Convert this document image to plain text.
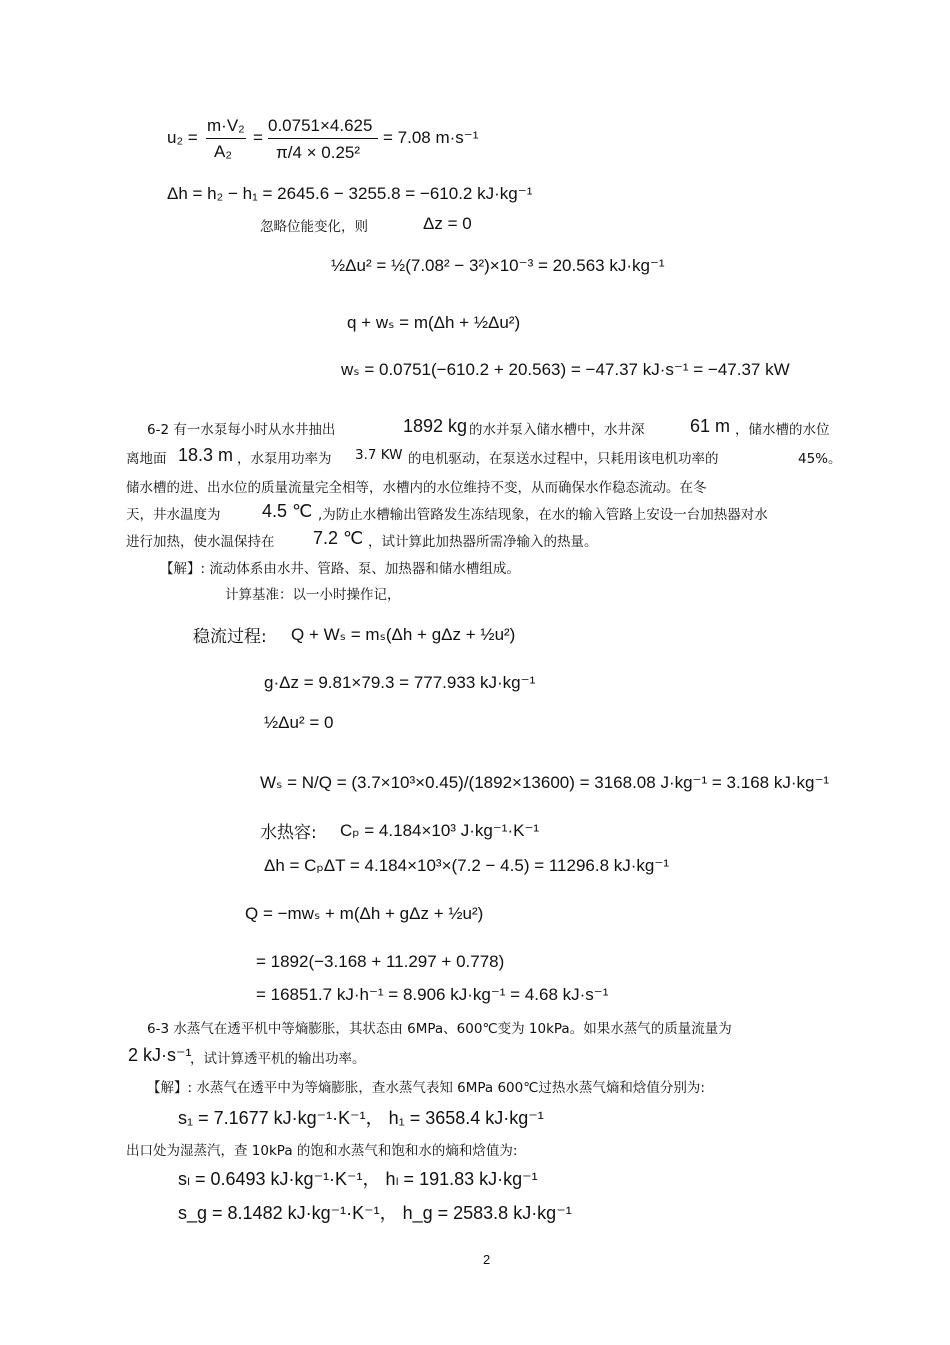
u₂ =
m·V₂
A₂
=
0.0751×4.625
π/4 × 0.25²
= 7.08 m·s⁻¹
Δh = h₂ − h₁ = 2645.6 − 3255.8 = −610.2 kJ·kg⁻¹
忽略位能变化，则	Δz = 0
½Δu² = ½(7.08² − 3²)×10⁻³ = 20.563 kJ·kg⁻¹
q + wₛ = m(Δh + ½Δu²)
wₛ = 0.0751(−610.2 + 20.563) = −47.37 kJ·s⁻¹ = −47.37 kW
6-2 有一水泵每小时从水井抽出	1892 kg 的水并泵入储水槽中，水井深	61 m ，储水槽的水位
离地面 18.3 m ，水泵用功率为 3.7 KW 的电机驱动，在泵送水过程中，只耗用该电机功率的	45%。
储水槽的进、出水位的质量流量完全相等，水槽内的水位维持不变，从而确保水作稳态流动。在冬
天，井水温度为 4.5 ℃ ,为防止水槽输出管路发生冻结现象，在水的输入管路上安设一台加热器对水
进行加热，使水温保持在 7.2 ℃ ，试计算此加热器所需净输入的热量。
【解】: 流动体系由水井、管路、泵、加热器和储水槽组成。
计算基准：以一小时操作记，
稳流过程: Q + Wₛ = mₛ(Δh + gΔz + ½u²)
g·Δz = 9.81×79.3 = 777.933 kJ·kg⁻¹
½Δu² = 0
Wₛ = N/Q = (3.7×10³×0.45)/(1892×13600) = 3168.08 J·kg⁻¹ = 3.168 kJ·kg⁻¹
水热容: Cₚ = 4.184×10³ J·kg⁻¹·K⁻¹
Δh = CₚΔT = 4.184×10³×(7.2 − 4.5) = 11296.8 kJ·kg⁻¹
Q = −mwₛ + m(Δh + gΔz + ½u²)
= 1892(−3.168 + 11.297 + 0.778)
= 16851.7 kJ·h⁻¹ = 8.906 kJ·kg⁻¹ = 4.68 kJ·s⁻¹
6-3 水蒸气在透平机中等熵膨胀，其状态由 6MPa、600℃变为 10kPa。如果水蒸气的质量流量为
2 kJ·s⁻¹
，试计算透平机的输出功率。
【解】: 水蒸气在透平中为等熵膨胀，查水蒸气表知 6MPa 600℃过热水蒸气熵和焓值分别为:
s₁ = 7.1677 kJ·kg⁻¹·K⁻¹， h₁ = 3658.4 kJ·kg⁻¹
出口处为湿蒸汽，查 10kPa 的饱和水蒸气和饱和水的熵和焓值为:
sₗ = 0.6493 kJ·kg⁻¹·K⁻¹， hₗ = 191.83 kJ·kg⁻¹
s_g = 8.1482 kJ·kg⁻¹·K⁻¹， h_g = 2583.8 kJ·kg⁻¹
2
